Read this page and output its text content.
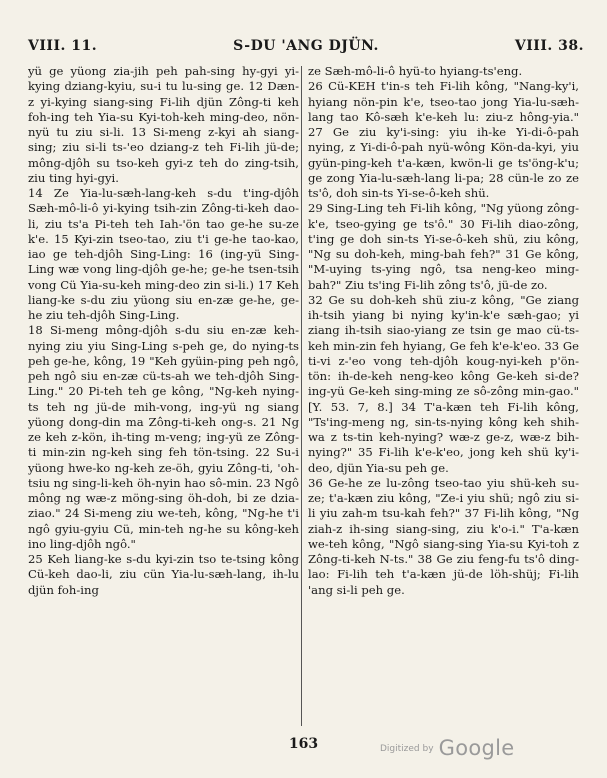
VIII. 11.	S-DU 'ANG DJÜN.	VIII. 38.

yü ge yüong zia-jih peh pah-sing hy-gyi yi-kying dziang-kyiu, su-i tu lu-sing ge. 12 Dæn-z yi-kying siang-sing Fi-lih djün Zông-ti keh foh-ing teh Yia-su Kyi-toh-keh ming-deo, nön-nyü tu ziu si-li. 13 Si-meng z-kyi ah siang-sing; ziu si-li ts-'eo dziang-z teh Fi-lih jü-de; mông-djôh su tso-keh gyi-z teh do zing-tsih, ziu ting hyi-gyi.

14 Ze Yia-lu-sæh-lang-keh s-du t'ing-djôh Sæh-mô-li-ô yi-kying tsih-zin Zông-ti-keh dao-li, ziu ts'a Pi-teh teh Iah-'ön tao ge-he su-ze k'e. 15 Kyi-zin tseo-tao, ziu t'i ge-he tao-kao, iao ge teh-djôh Sing-Ling: 16 (ing-yü Sing-Ling wæ vong ling-djôh ge-he; ge-he tsen-tsih vong Cü Yia-su-keh ming-deo zin si-li.) 17 Keh liang-ke s-du ziu yüong siu en-zæ ge-he, ge-he ziu teh-djôh Sing-Ling.

18 Si-meng mông-djôh s-du siu en-zæ keh-nying ziu yiu Sing-Ling s-peh ge, do nying-ts peh ge-he, kông, 19 "Keh gyüin-ping peh ngô, peh ngô siu en-zæ cü-ts-ah we teh-djôh Sing-Ling." 20 Pi-teh teh ge kông, "Ng-keh nying-ts teh ng jü-de mih-vong, ing-yü ng siang yüong dong-din ma Zông-ti-keh ong-s. 21 Ng ze keh z-kön, ih-ting m-veng; ing-yü ze Zông-ti min-zin ng-keh sing feh tön-tsing. 22 Su-i yüong hwe-ko ng-keh ze-öh, gyiu Zông-ti, 'oh-tsiu ng sing-li-keh öh-nyin hao sô-min. 23 Ngô mông ng wæ-z möng-sing öh-doh, bi ze dzia-ziao." 24 Si-meng ziu we-teh, kông, "Ng-he t'i ngô gyiu-gyiu Cü, min-teh ng-he su kông-keh ino ling-djôh ngô."

25 Keh liang-ke s-du kyi-zin tso te-tsing kông Cü-keh dao-li, ziu cün Yia-lu-sæh-lang, ih-lu djün foh-ing

ze Sæh-mô-li-ô hyü-to hyiang-ts'eng.

26 Cü-KEH t'in-s teh Fi-lih kông, "Nang-ky'i, hyiang nön-pin k'e, tseo-tao jong Yia-lu-sæh-lang tao Kô-sæh k'e-keh lu: ziu-z hông-yia." 27 Ge ziu ky'i-sing: yiu ih-ke Yi-di-ô-pah nying, z Yi-di-ô-pah nyü-wông Kön-da-kyi, yiu gyün-ping-keh t'a-kæn, kwön-li ge ts'öng-k'u; ge zong Yia-lu-sæh-lang li-pa; 28 cün-le zo ze ts'ô, doh sin-ts Yi-se-ô-keh shü.

29 Sing-Ling teh Fi-lih kông, "Ng yüong zông-k'e, tseo-gying ge ts'ô." 30 Fi-lih diao-zông, t'ing ge doh sin-ts Yi-se-ô-keh shü, ziu kông, "Ng su doh-keh, ming-bah feh?" 31 Ge kông, "M-uying ts-ying ngô, tsa neng-keo ming-bah?" Ziu ts'ing Fi-lih zông ts'ô, jü-de zo.

32 Ge su doh-keh shü ziu-z kông, "Ge ziang ih-tsih yiang bi nying ky'in-k'e sæh-gao; yi ziang ih-tsih siao-yiang ze tsin ge mao cü-ts-keh min-zin feh hyiang, Ge feh k'e-k'eo. 33 Ge ti-vi z-'eo vong teh-djôh koug-nyi-keh p'ön-tön: ih-de-keh neng-keo kông Ge-keh si-de? ing-yü Ge-keh sing-ming ze sô-zông min-gao." [Y. 53. 7, 8.] 34 T'a-kæn teh Fi-lih kông, "Ts'ing-meng ng, sin-ts-nying kông keh shih-wa z ts-tin keh-nying? wæ-z ge-z, wæ-z bih-nying?" 35 Fi-lih k'e-k'eo, jong keh shü ky'i-deo, djün Yia-su peh ge.

36 Ge-he ze lu-zông tseo-tao yiu shü-keh su-ze; t'a-kæn ziu kông, "Ze-i yiu shü; ngô ziu si-li yiu zah-m tsu-kah feh?" 37 Fi-lih kông, "Ng ziah-z ih-sing siang-sing, ziu k'o-i." T'a-kæn we-teh kông, "Ngô siang-sing Yia-su Kyi-toh z Zông-ti-keh N-ts." 38 Ge ziu feng-fu ts'ô ding-lao: Fi-lih teh t'a-kæn jü-de löh-shüj; Fi-lih 'ang si-li peh ge.

163	$^{Digitized by}$ Google
